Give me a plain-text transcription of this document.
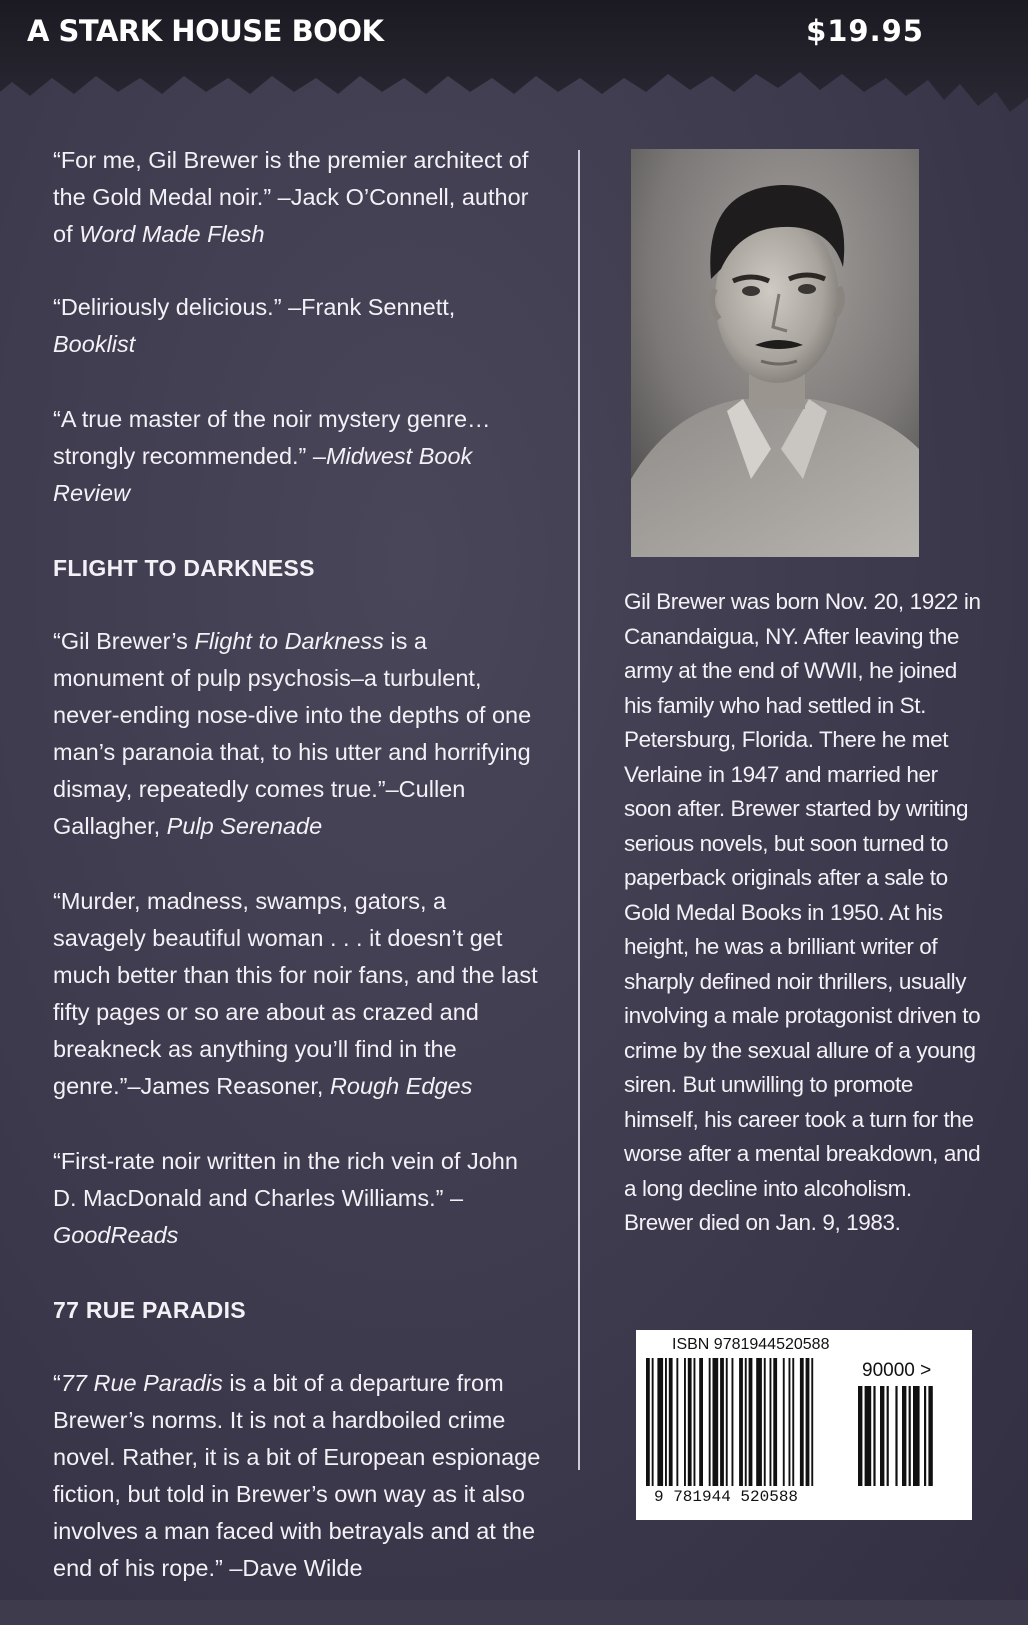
A STARK HOUSE BOOK	$19.95

“For me, Gil Brewer is the premier architect of the Gold Medal noir.” –Jack O’Connell, author of Word Made Flesh

“Deliriously delicious.” –Frank Sennett, Booklist

“A true master of the noir mystery genre… strongly recommended.” –Midwest Book Review

FLIGHT TO DARKNESS

“Gil Brewer’s Flight to Darkness is a monument of pulp psychosis–a turbulent, never-ending nose-dive into the depths of one man’s paranoia that, to his utter and horrifying dismay, repeatedly comes true.”–Cullen Gallagher, Pulp Serenade

“Murder, madness, swamps, gators, a savagely beautiful woman . . . it doesn’t get much better than this for noir fans, and the last fifty pages or so are about as crazed and breakneck as anything you’ll find in the genre.”–James Reasoner, Rough Edges

“First-rate noir written in the rich vein of John D. MacDonald and Charles Williams.” –GoodReads

77 RUE PARADIS

“77 Rue Paradis is a bit of a departure from Brewer’s norms. It is not a hardboiled crime novel. Rather, it is a bit of European espionage fiction, but told in Brewer’s own way as it also involves a man faced with betrayals and at the end of his rope.” –Dave Wilde

Gil Brewer was born Nov. 20, 1922 in Canandaigua, NY. After leaving the army at the end of WWII, he joined his family who had settled in St. Petersburg, Florida. There he met Verlaine in 1947 and married her soon after. Brewer started by writing serious novels, but soon turned to paperback originals after a sale to Gold Medal Books in 1950. At his height, he was a brilliant writer of sharply defined noir thrillers, usually involving a male protagonist driven to crime by the sexual allure of a young siren. But unwilling to promote himself, his career took a turn for the worse after a mental breakdown, and a long decline into alcoholism. Brewer died on Jan. 9, 1983.
ISBN 9781944520588
90000 >
9 781944 520588
